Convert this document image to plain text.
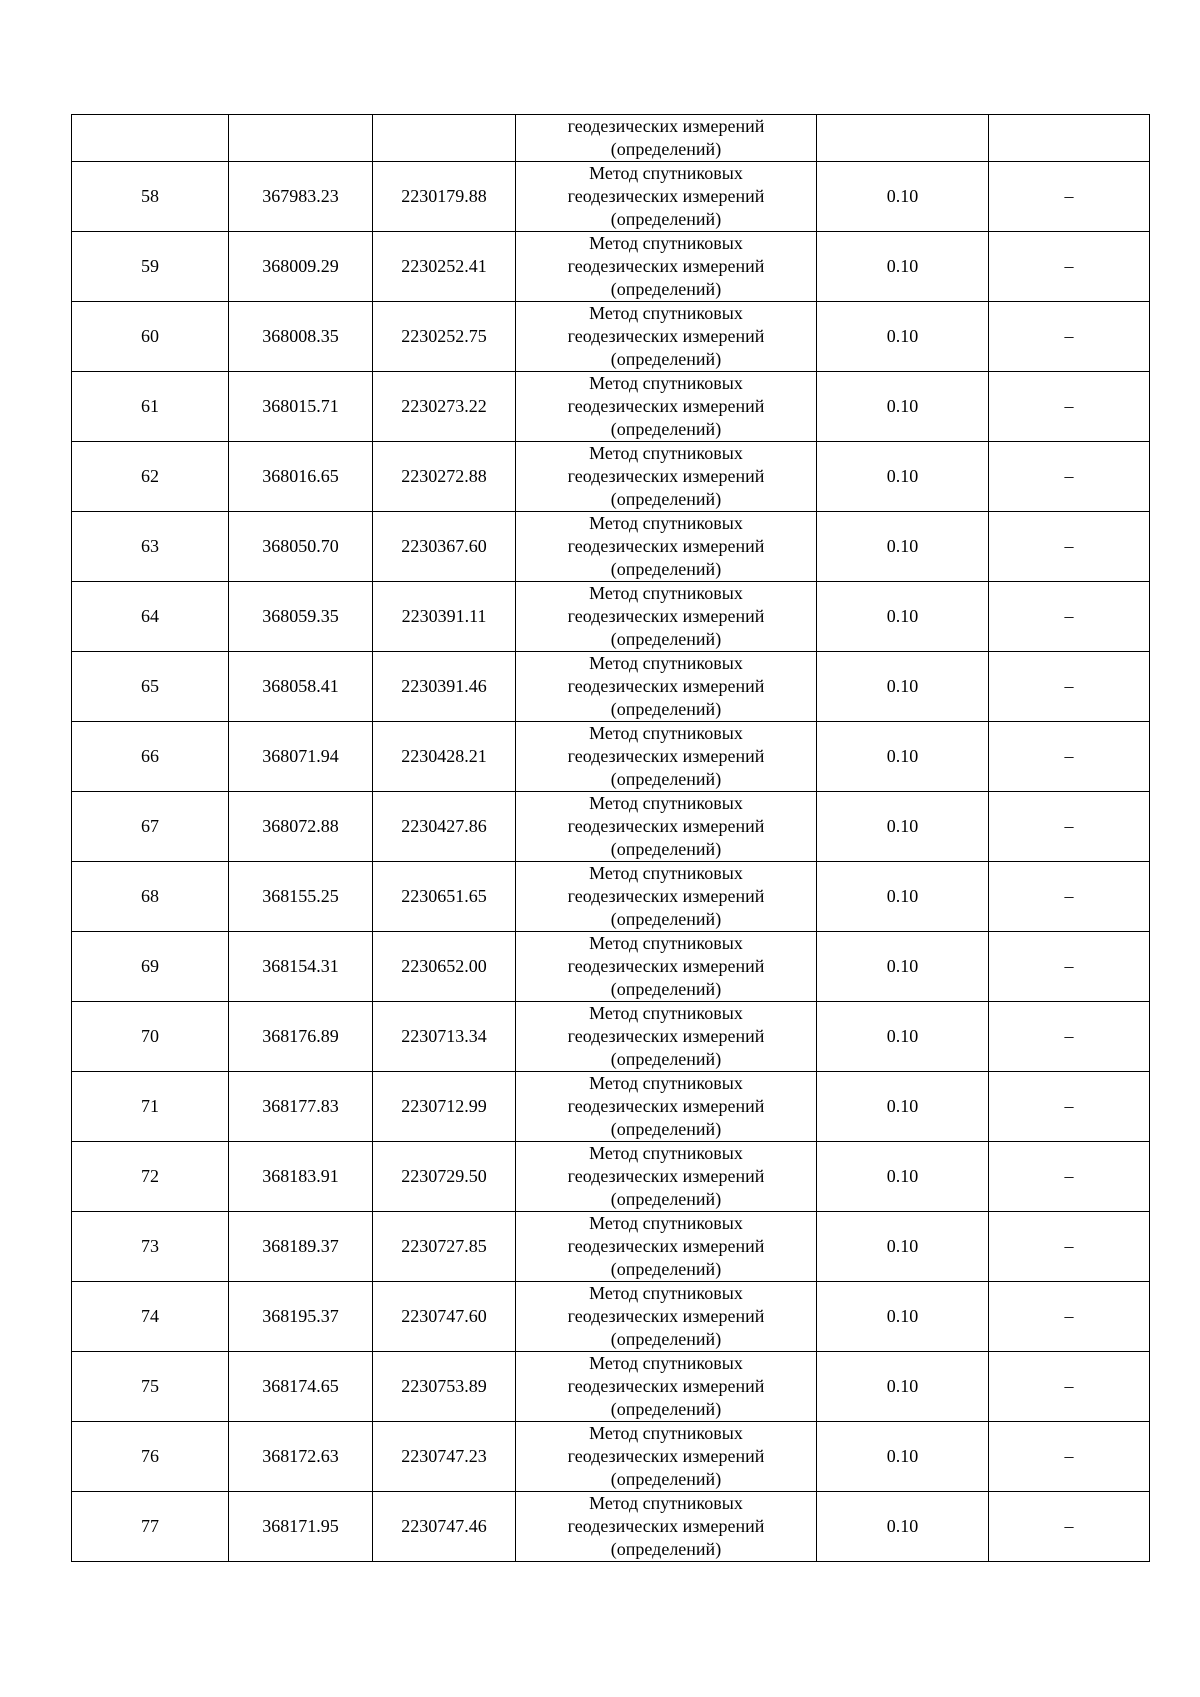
			геодезических измерений
(определений)		
58	367983.23	2230179.88	Метод спутниковых
геодезических измерений
(определений)	0.10	–
59	368009.29	2230252.41	Метод спутниковых
геодезических измерений
(определений)	0.10	–
60	368008.35	2230252.75	Метод спутниковых
геодезических измерений
(определений)	0.10	–
61	368015.71	2230273.22	Метод спутниковых
геодезических измерений
(определений)	0.10	–
62	368016.65	2230272.88	Метод спутниковых
геодезических измерений
(определений)	0.10	–
63	368050.70	2230367.60	Метод спутниковых
геодезических измерений
(определений)	0.10	–
64	368059.35	2230391.11	Метод спутниковых
геодезических измерений
(определений)	0.10	–
65	368058.41	2230391.46	Метод спутниковых
геодезических измерений
(определений)	0.10	–
66	368071.94	2230428.21	Метод спутниковых
геодезических измерений
(определений)	0.10	–
67	368072.88	2230427.86	Метод спутниковых
геодезических измерений
(определений)	0.10	–
68	368155.25	2230651.65	Метод спутниковых
геодезических измерений
(определений)	0.10	–
69	368154.31	2230652.00	Метод спутниковых
геодезических измерений
(определений)	0.10	–
70	368176.89	2230713.34	Метод спутниковых
геодезических измерений
(определений)	0.10	–
71	368177.83	2230712.99	Метод спутниковых
геодезических измерений
(определений)	0.10	–
72	368183.91	2230729.50	Метод спутниковых
геодезических измерений
(определений)	0.10	–
73	368189.37	2230727.85	Метод спутниковых
геодезических измерений
(определений)	0.10	–
74	368195.37	2230747.60	Метод спутниковых
геодезических измерений
(определений)	0.10	–
75	368174.65	2230753.89	Метод спутниковых
геодезических измерений
(определений)	0.10	–
76	368172.63	2230747.23	Метод спутниковых
геодезических измерений
(определений)	0.10	–
77	368171.95	2230747.46	Метод спутниковых
геодезических измерений
(определений)	0.10	–
